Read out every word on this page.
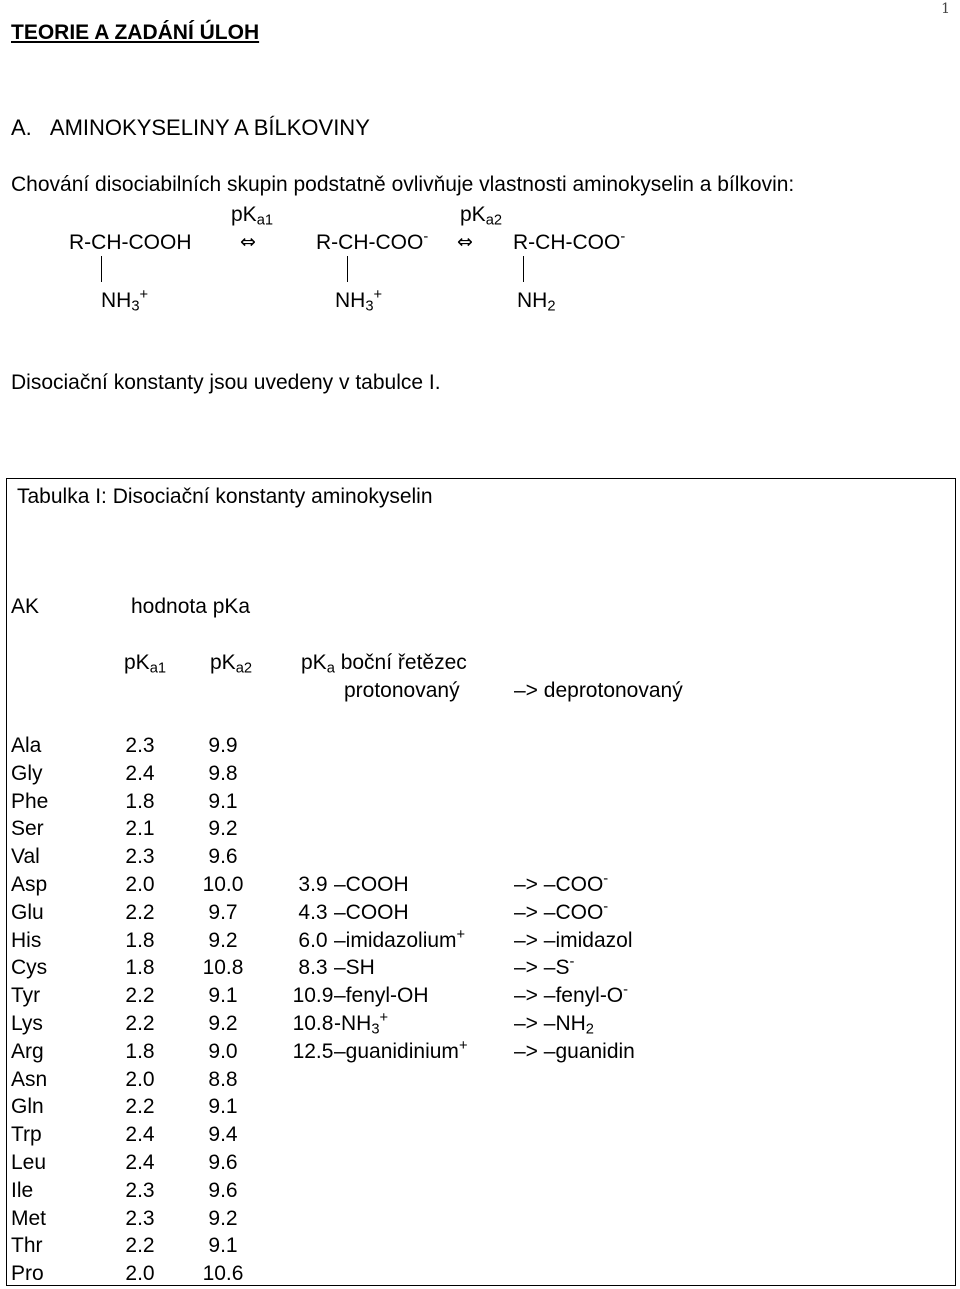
1
TEORIE A ZADÁNÍ ÚLOH
A. AMINOKYSELINY A BÍLKOVINY
Chování disociabilních skupin podstatně ovlivňuje vlastnosti aminokyselin a bílkovin:
$pK_{a1}$	$pK_{a2}$
R-CH-COOH	⇔	R-CH-COO- ⇔ R-CH-COO-
$NH_3^+$	$NH_3^+$	$NH_2$
Disociační konstanty jsou uvedeny v tabulce I.
Tabulka I: Disociační konstanty aminokyselin
AK	hodnota pKa
$pK_{a1}$ $pK_{a2}$ $pK_a$ boční řetězec
protonovaný	–> deprotonovaný
Ala	2.3	9.9
Gly	2.4	9.8
Phe	1.8	9.1
Ser	2.1	9.2
Val	2.3	9.6
Asp	2.0 10.0	3.9 –COOH	–> –COO-
Glu	2.2	9.7	4.3 –COOH	–> –COO-
His	1.8	9.2	6.0 –imidazolium+ –> –imidazol
Cys	1.8 10.8	8.3 –SH	–> –S-
Tyr	2.2	9.1	10.9 –fenyl-OH	–> –fenyl-O-
Lys	2.2	9.2	10.8 $-NH_3^+$	–> $-NH_2$
Arg	1.8	9.0	12.5 –guanidinium+ –> –guanidin
Asn	2.0	8.8
Gln	2.2	9.1
Trp	2.4	9.4
Leu	2.4	9.6
Ile	2.3	9.6
Met	2.3	9.2
Thr	2.2	9.1
Pro	2.0 10.6
